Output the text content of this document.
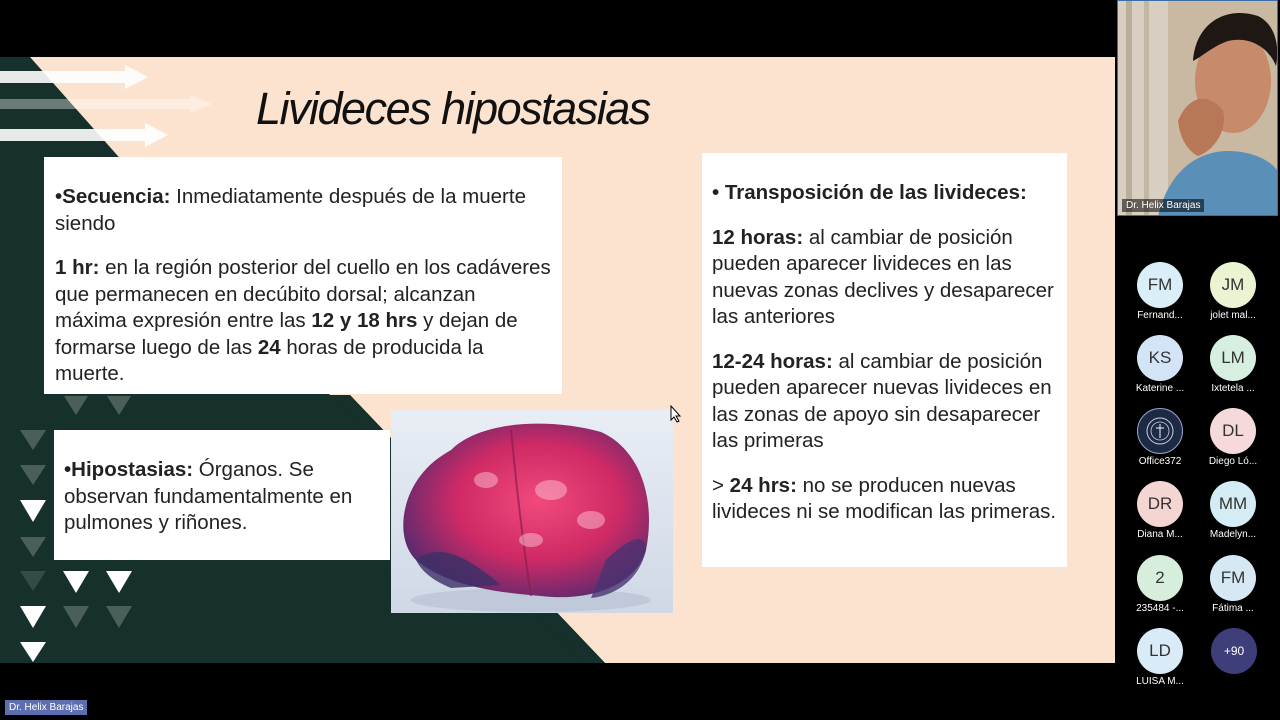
Livideces hipostasias

•Secuencia: Inmediatamente después de la muerte siendo

1 hr: en la región posterior del cuello en los cadáveres que permanecen en decúbito dorsal; alcanzan máxima expresión entre las 12 y 18 hrs y dejan de formarse luego de las 24 horas de producida la muerte.

•Hipostasias: Órganos. Se observan fundamentalmente en pulmones y riñones.

• Transposición de las livideces:

12 horas: al cambiar de posición pueden aparecer livideces en las nuevas zonas declives y desaparecer las anteriores

12-24 horas: al cambiar de posición pueden aparecer nuevas livideces en las zonas de apoyo sin desaparecer las primeras

> 24 hrs: no se producen nuevas livideces ni se modifican las primeras.

Dr. Helix Barajas
FM
Fernand...
JM
jolet mal...
KS
Katerine ...
LM
Ixtetela ...
Office372
DL
Diego Ló...
DR
Diana M...
MM
Madelyn...
2
235484 -...
FM
Fátima ...
LD
LUISA M...
+90
Dr. Helix Barajas
